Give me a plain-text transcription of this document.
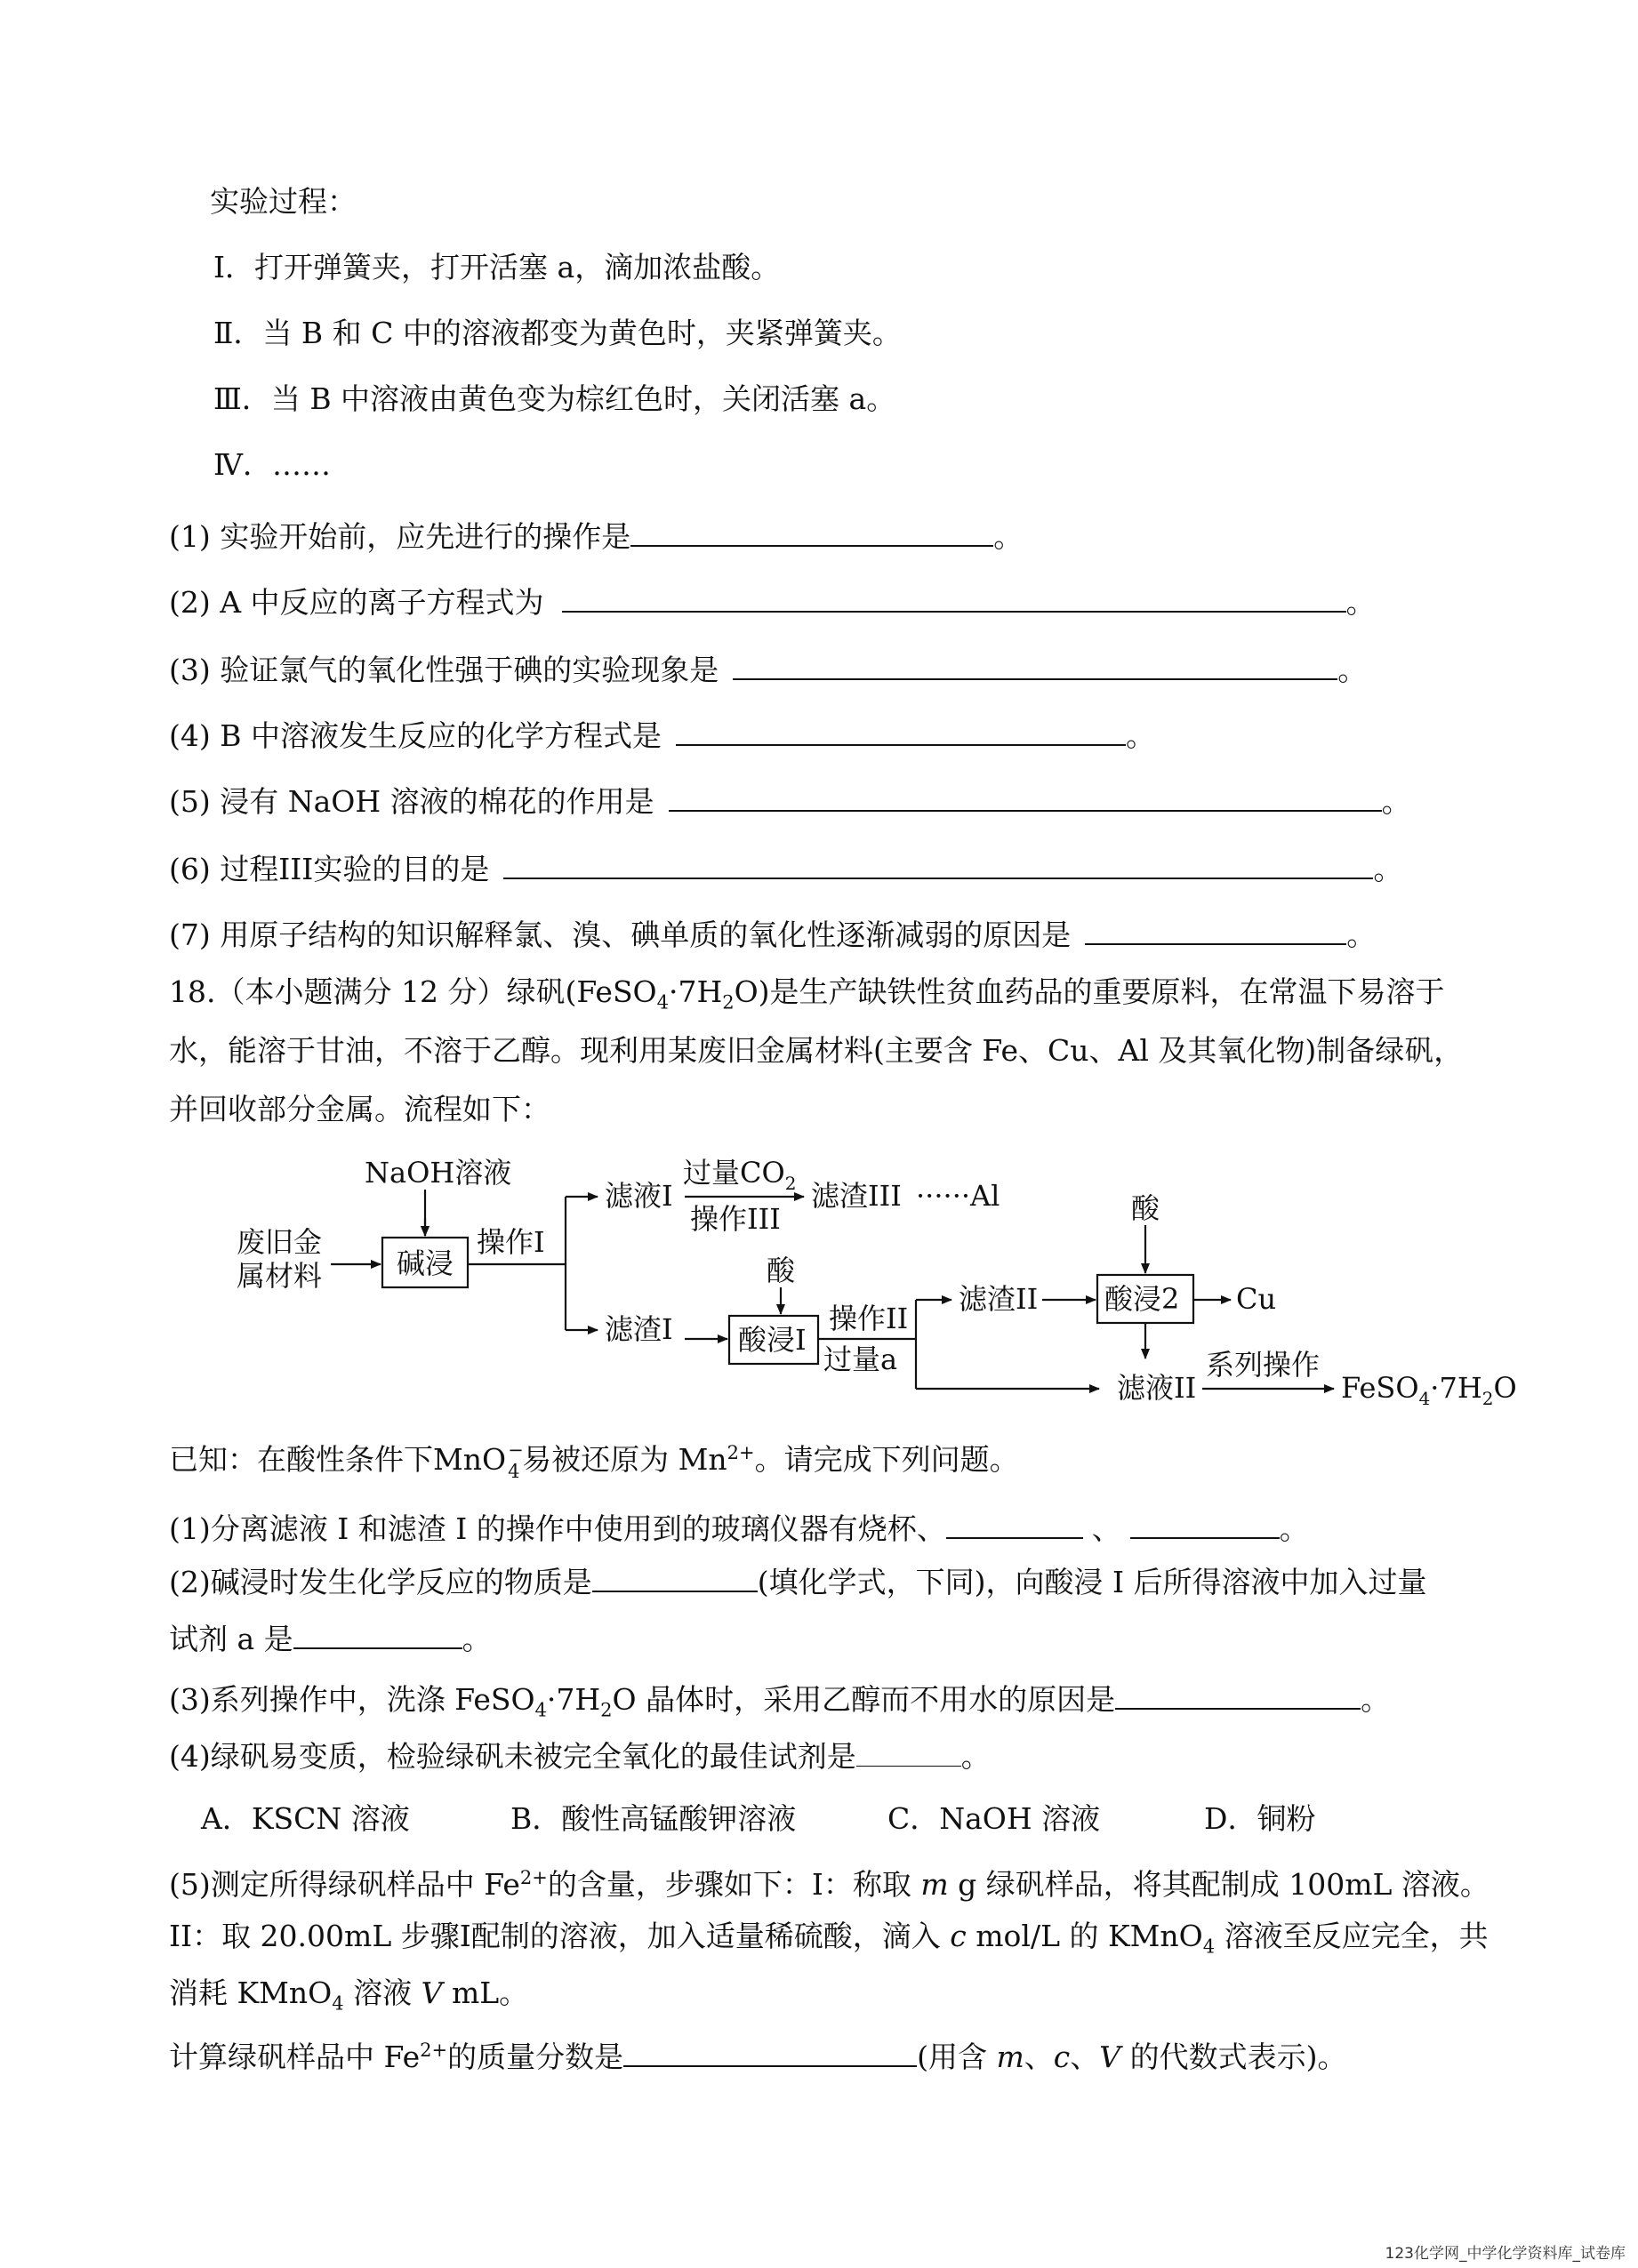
实验过程：
Ⅰ．打开弹簧夹，打开活塞 a，滴加浓盐酸。
Ⅱ．当 B 和 C 中的溶液都变为黄色时，夹紧弹簧夹。
Ⅲ．当 B 中溶液由黄色变为棕红色时，关闭活塞 a。
Ⅳ．……
(1) 实验开始前，应先进行的操作是	。
(2) A 中反应的离子方程式为	。
(3) 验证氯气的氧化性强于碘的实验现象是	。
(4) B 中溶液发生反应的化学方程式是	。
(5) 浸有 NaOH 溶液的棉花的作用是	。
(6) 过程III实验的目的是	。
(7) 用原子结构的知识解释氯、溴、碘单质的氧化性逐渐减弱的原因是	。
18.（本小题满分 12 分）绿矾$(FeSO_4\cdot 7H_2O)$是生产缺铁性贫血药品的重要原料，在常温下易溶于
水，能溶于甘油，不溶于乙醇。现利用某废旧金属材料(主要含 Fe、Cu、Al 及其氧化物)制备绿矾，
并回收部分金属。流程如下：
NaOH溶液
废旧金
属材料	碱浸
操作I
滤液I
过量$CO_2$
操作III
滤渣III ······Al	酸
酸
滤渣I 酸浸I
操作II
过量a
滤渣II 酸浸2 Cu
滤液II
系列操作
$FeSO_4\cdot 7H_2O$
已知：在酸性条件下MnO −
4 易被还原为 $Mn^{2+}$。请完成下列问题。
(1)分离滤液 I 和滤渣 I 的操作中使用到的玻璃仪器有烧杯、	、	。
(2)碱浸时发生化学反应的物质是	(填化学式，下同)，向酸浸 I 后所得溶液中加入过量
试剂 a 是	。
(3)系列操作中，洗涤 $FeSO_4\cdot 7H_2O$ 晶体时，采用乙醇而不用水的原因是	。
(4)绿矾易变质，检验绿矾未被完全氧化的最佳试剂是	。
A．KSCN 溶液	B．酸性高锰酸钾溶液	C．NaOH 溶液	D．铜粉
(5)测定所得绿矾样品中 $Fe^{2+}$的含量，步骤如下：I：称取 m g 绿矾样品，将其配制成 100mL 溶液。
II：取 20.00mL 步骤I配制的溶液，加入适量稀硫酸，滴入 c mol/L 的 KMnO$_4$ 溶液至反应完全，共
消耗 KMnO$_4$ 溶液 V mL。
计算绿矾样品中 $Fe^{2+}$的质量分数是	(用含 m、c、V 的代数式表示)。
123化学网_中学化学资料库_试卷库
